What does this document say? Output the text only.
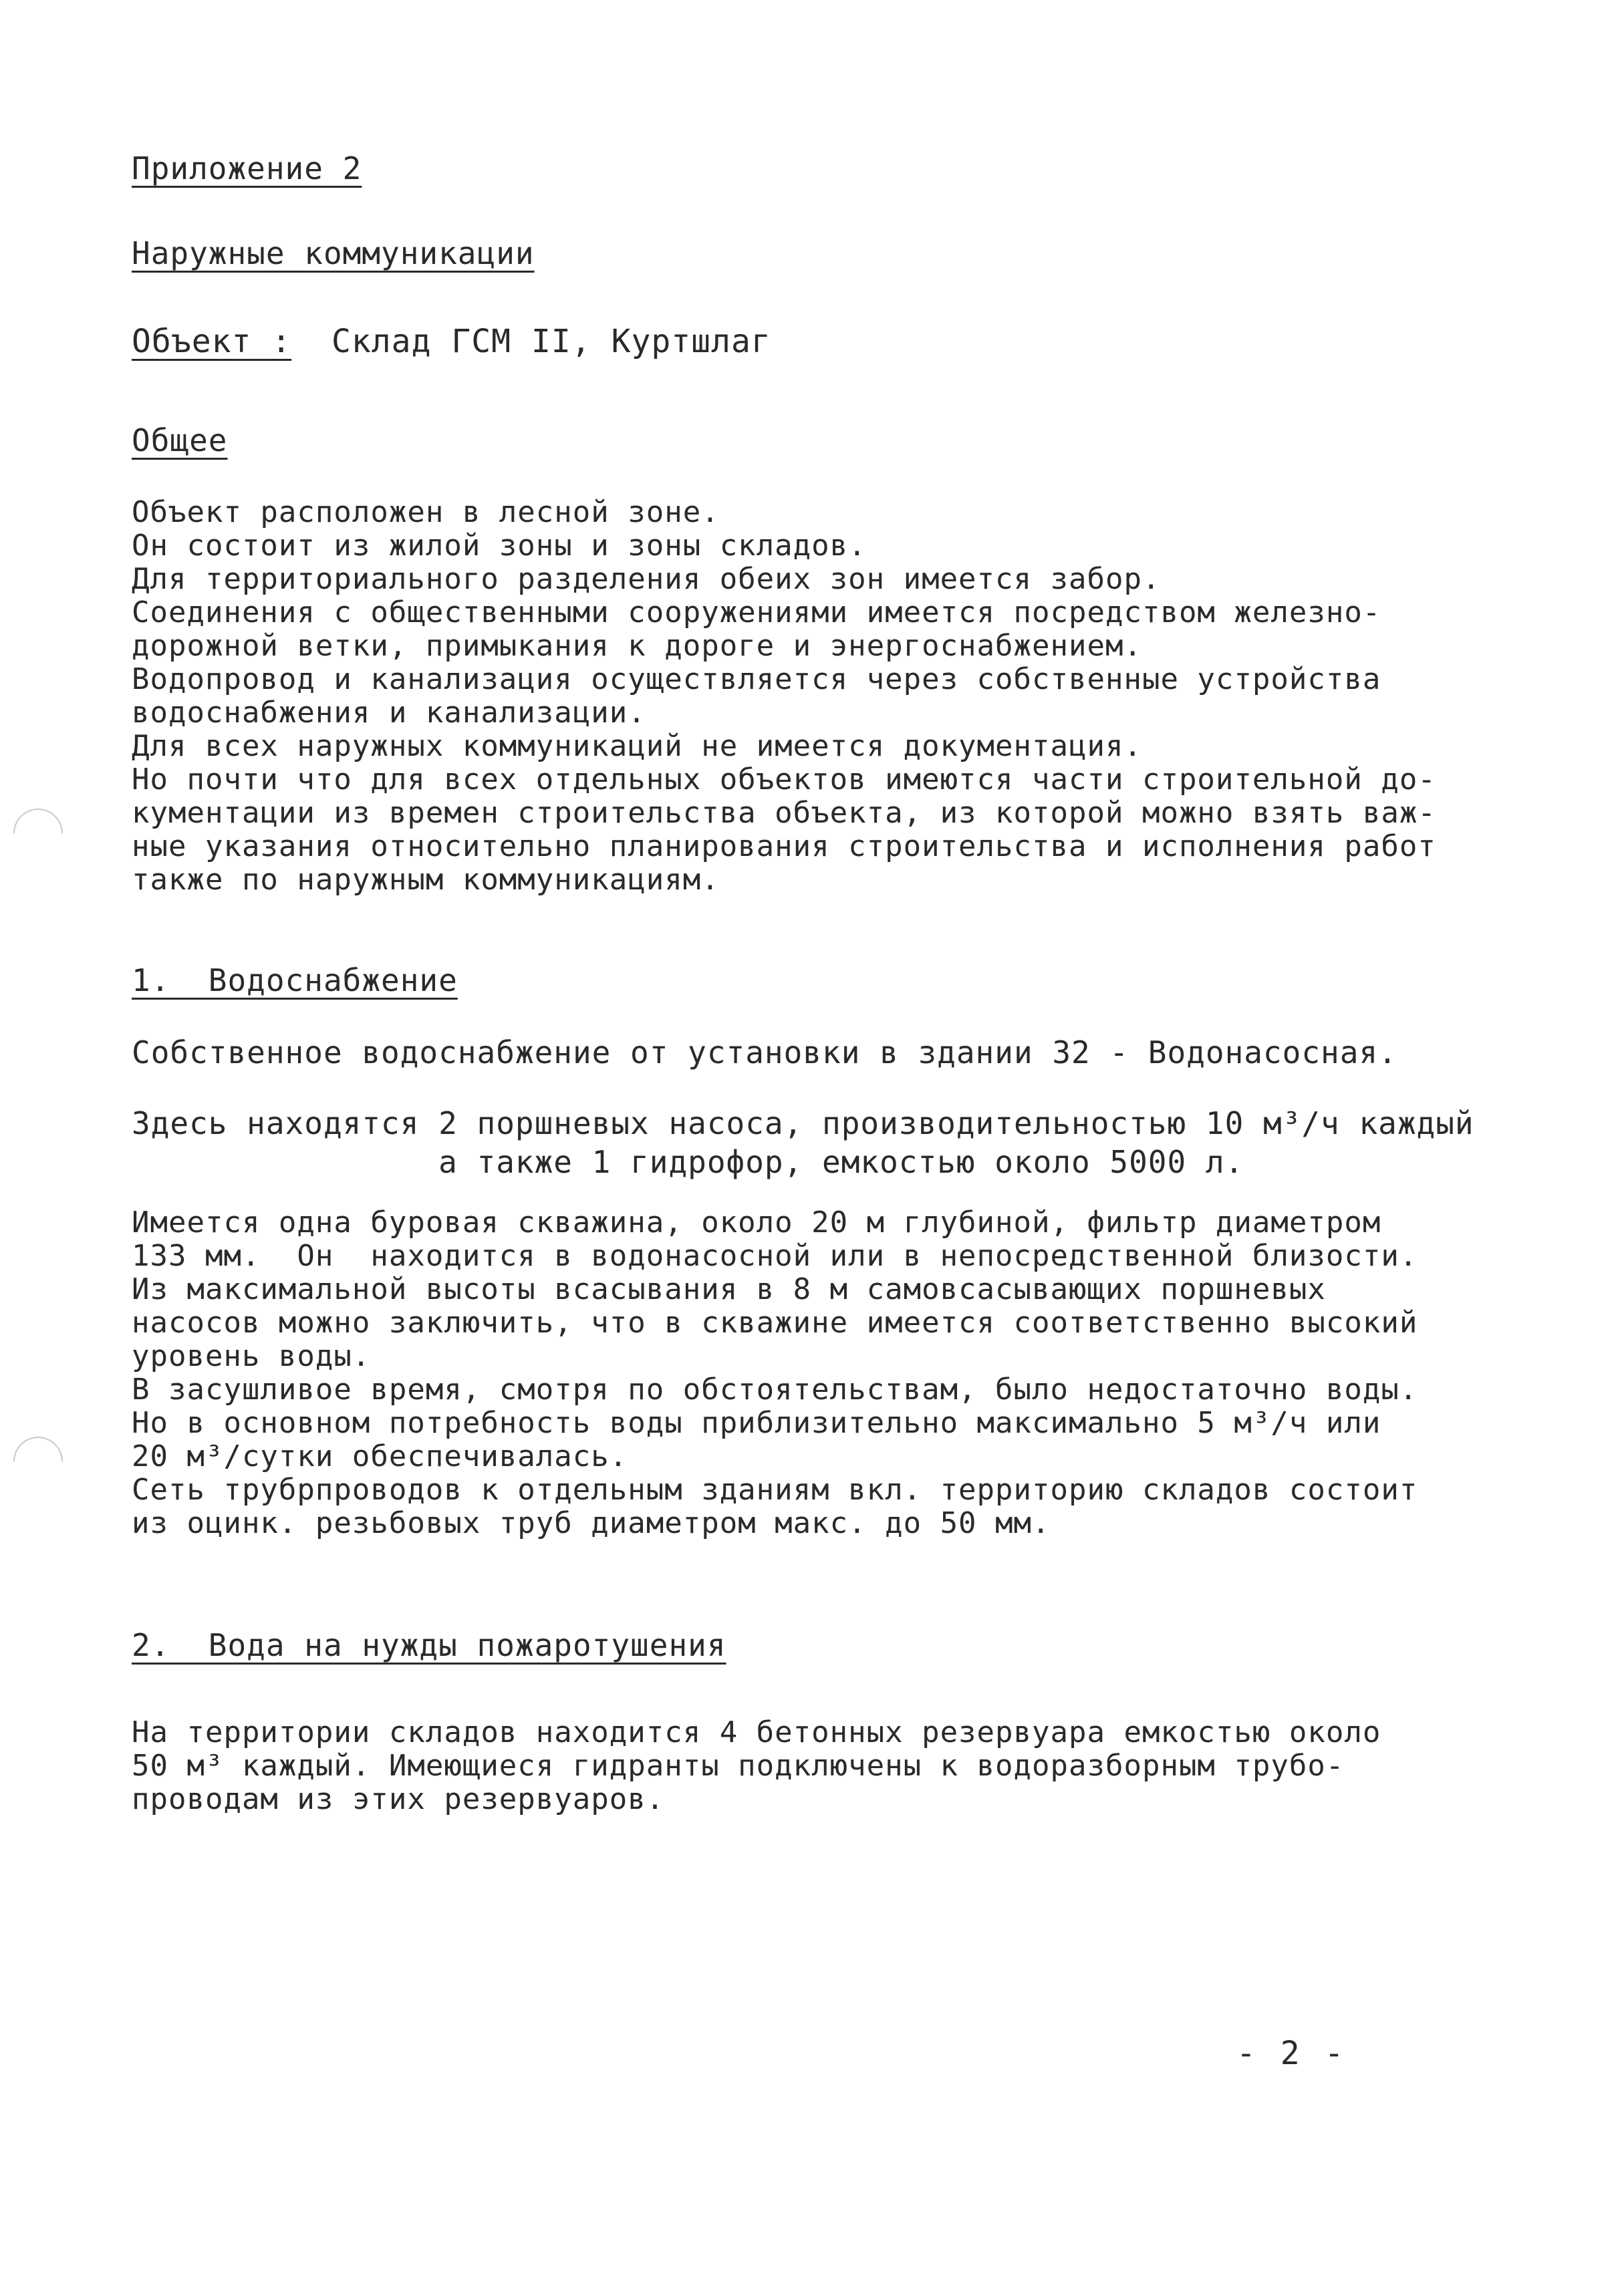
Приложение 2
Наружные коммуникации
Объект : Склад ГСМ II, Куртшлаг
Общее
Объект расположен в лесной зоне.
Он состоит из жилой зоны и зоны складов.
Для территориального разделения обеих зон имеется забор.
Соединения с общественными сооружениями имеется посредством железно-
дорожной ветки, примыкания к дороге и энергоснабжением.
Водопровод и канализация осуществляется через собственные устройства
водоснабжения и канализации.
Для всех наружных коммуникаций не имеется документация.
Но почти что для всех отдельных объектов имеются части строительной до-
кументации из времен строительства объекта, из которой можно взять важ-
ные указания относительно планирования строительства и исполнения работ
также по наружным коммуникациям.
1.  Водоснабжение
Собственное водоснабжение от установки в здании 32 - Водонасосная.
Здесь находятся 2 поршневых насоса, производительностью 10 м³/ч каждый
а также 1 гидрофор, емкостью около 5000 л.
Имеется одна буровая скважина, около 20 м глубиной, фильтр диаметром
133 мм.  Он  находится в водонасосной или в непосредственной близости.
Из максимальной высоты всасывания в 8 м самовсасывающих поршневых
насосов можно заключить, что в скважине имеется соответственно высокий
уровень воды.
В засушливое время, смотря по обстоятельствам, было недостаточно воды.
Но в основном потребность воды приблизительно максимально 5 м³/ч или
20 м³/сутки обеспечивалась.
Сеть трубрпроводов к отдельным зданиям вкл. территорию складов состоит
из оцинк. резьбовых труб диаметром макс. до 50 мм.
2.  Вода на нужды пожаротушения
На территории складов находится 4 бетонных резервуара емкостью около
50 м³ каждый. Имеющиеся гидранты подключены к водоразборным трубо-
проводам из этих резервуаров.
- 2 -
